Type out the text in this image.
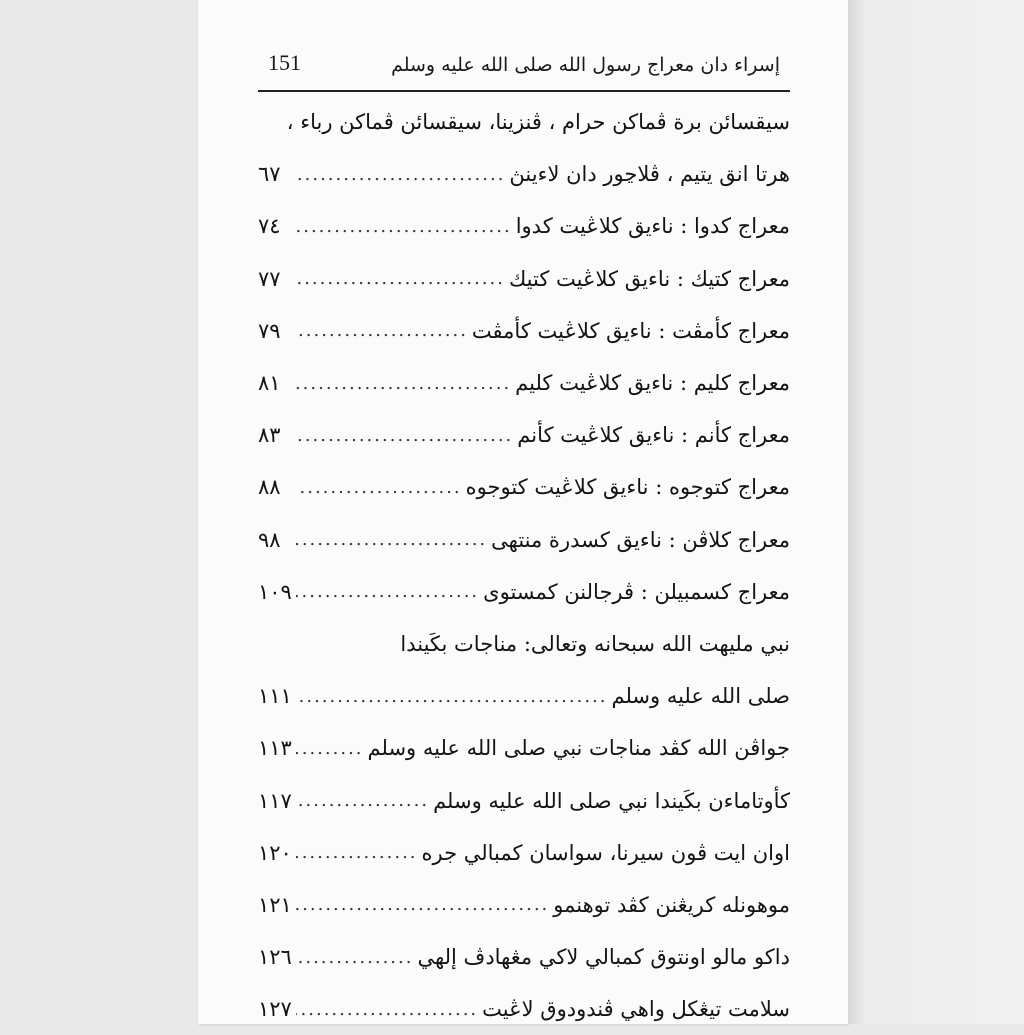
151	إسراء دان معراج رسول الله صلى الله عليه وسلم
سيقسائن برة ڤماكن حرام ، ڤنزينا، سيقسائن ڤماكن رباء ،
هرتا انق يتيم ، ڤلاڃور دان لاءينڽ
.....
٦٧
معراج كدوا : ناءيق كلاڠيت كدوا
.....
٧٤
معراج كتيك : ناءيق كلاڠيت كتيك
.....
٧٧
معراج كأمڤت : ناءيق كلاڠيت كأمڤت
.....
٧٩
معراج كليم : ناءيق كلاڠيت كليم
.....
٨١
معراج كأنم : ناءيق كلاڠيت كأنم
.....
٨٣
معراج كتوجوه : ناءيق كلاڠيت كتوجوه
.....
٨٨
معراج كلاڤن : ناءيق كسدرة منتهى
.....
٩٨
معراج كسمبيلن : ڤرجالنن كمستوى
.....
١٠٩
نبي مليهت الله سبحانه وتعالى: مناجات بكَيندا
صلى الله عليه وسلم
.....
١١١
جواڤن الله كڤد مناجات نبي صلى الله عليه وسلم
.....
١١٣
كأوتاماءن بكَيندا نبي صلى الله عليه وسلم
.....
١١٧
اوان ايت ڤون سيرنا، سواسان كمبالي جره
.....
١٢٠
موهونله كريڠنن كڤد توهنمو
.....
١٢١
داكو مالو اونتوق كمبالي لاكي مڠهادڤ إلهي
.....
١٢٦
سلامت تيڠكل واهي ڤندودوق لاڠيت
.....
١٢٧
